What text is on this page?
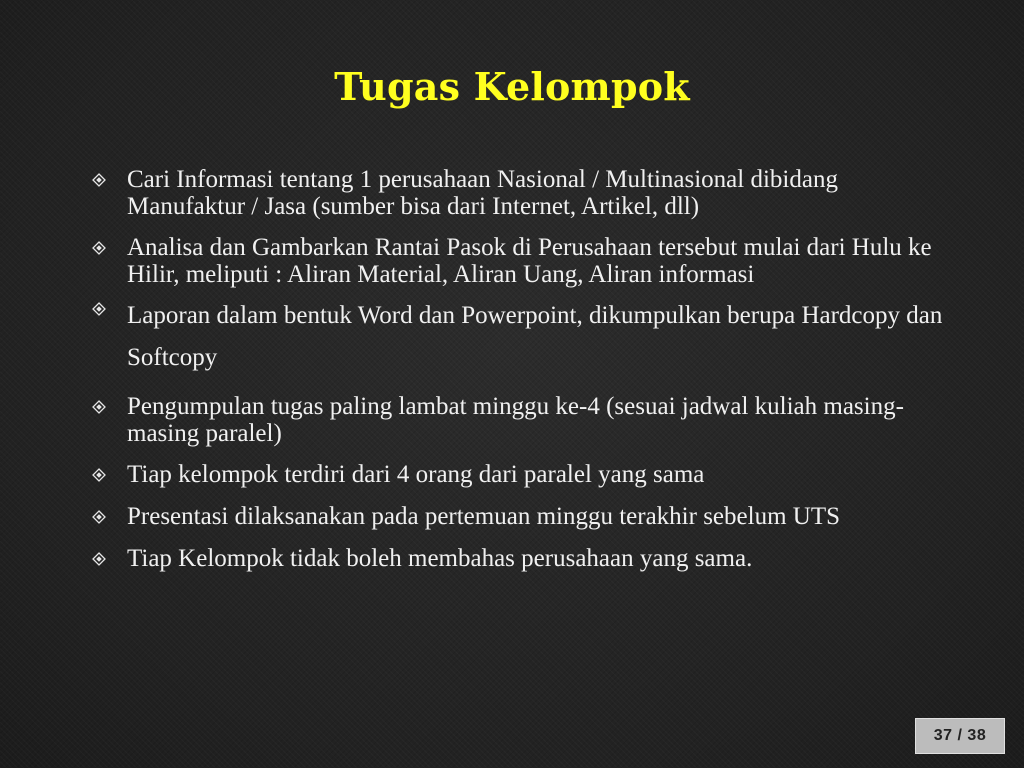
Tugas Kelompok
Cari Informasi tentang 1 perusahaan Nasional / Multinasional dibidang Manufaktur / Jasa (sumber bisa dari Internet, Artikel, dll)
Analisa dan Gambarkan Rantai Pasok di Perusahaan tersebut mulai dari Hulu ke Hilir, meliputi : Aliran Material, Aliran Uang, Aliran informasi
Laporan dalam bentuk Word dan Powerpoint, dikumpulkan berupa Hardcopy dan Softcopy
Pengumpulan tugas paling lambat minggu ke-4 (sesuai jadwal kuliah masing-masing paralel)
Tiap kelompok terdiri dari 4 orang dari paralel yang sama
Presentasi dilaksanakan pada pertemuan minggu terakhir sebelum UTS
Tiap Kelompok tidak boleh membahas perusahaan yang sama.
37 / 38
